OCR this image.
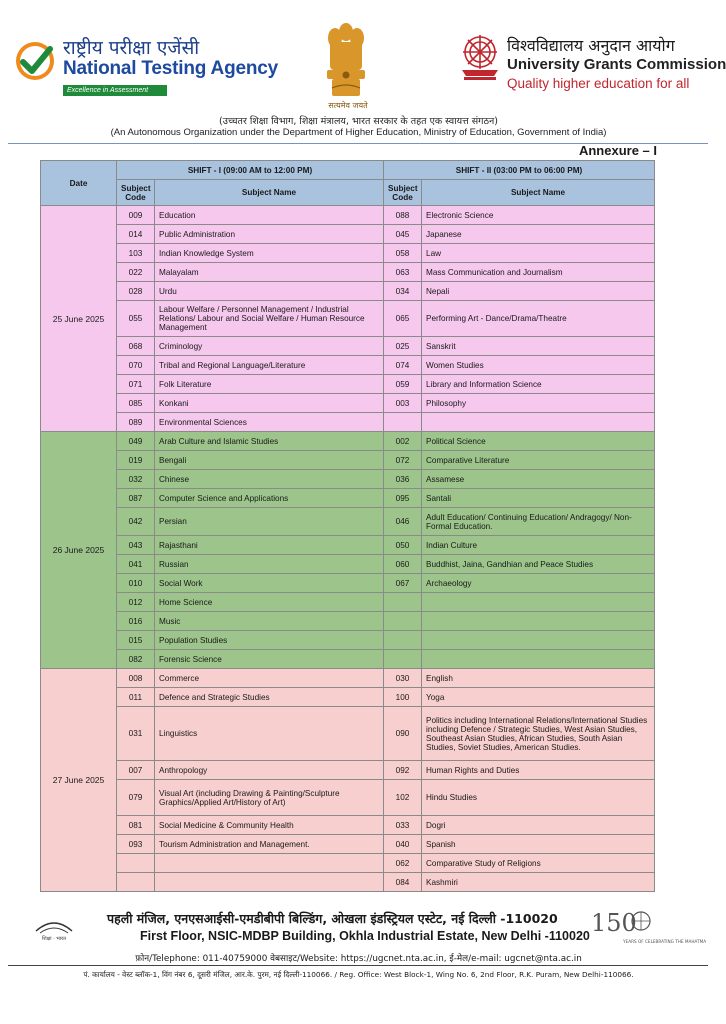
राष्ट्रीय परीक्षा एजेंसी
National Testing Agency
Excellence in Assessment
सत्यमेव जयते
विश्वविद्यालय अनुदान आयोग
University Grants Commission
Quality higher education for all
(उच्चतर शिक्षा विभाग, शिक्षा मंत्रालय, भारत सरकार के तहत एक स्वायत्त संगठन)
(An Autonomous Organization under the Department of Higher Education, Ministry of Education, Government of India)
Annexure – I
Date	SHIFT - I (09:00 AM to 12:00 PM)		SHIFT - II (03:00 PM to 06:00 PM)	
	Subject Code	Subject Name	Subject Code	Subject Name
25 June 2025	009	Education	088	Electronic Science
	014	Public Administration	045	Japanese
	103	Indian Knowledge System	058	Law
	022	Malayalam	063	Mass Communication and Journalism
	028	Urdu	034	Nepali
	055	Labour Welfare / Personnel Management / Industrial Relations/ Labour and Social Welfare / Human Resource Management	065	Performing Art - Dance/Drama/Theatre
	068	Criminology	025	Sanskrit
	070	Tribal and Regional Language/Literature	074	Women Studies
	071	Folk Literature	059	Library and Information Science
	085	Konkani	003	Philosophy
	089	Environmental Sciences		
26 June 2025	049	Arab Culture and Islamic Studies	002	Political Science
	019	Bengali	072	Comparative Literature
	032	Chinese	036	Assamese
	087	Computer Science and Applications	095	Santali
	042	Persian	046	Adult Education/ Continuing Education/ Andragogy/ Non-Formal Education.
	043	Rajasthani	050	Indian Culture
	041	Russian	060	Buddhist, Jaina, Gandhian and Peace Studies
	010	Social Work	067	Archaeology
	012	Home Science		
	016	Music		
	015	Population Studies		
	082	Forensic Science		
27 June 2025	008	Commerce	030	English
	011	Defence and Strategic Studies	100	Yoga
	031	Linguistics	090	Politics including International Relations/International Studies including Defence / Strategic Studies, West Asian Studies, Southeast Asian Studies, African Studies, South Asian Studies, Soviet Studies, American Studies.
	007	Anthropology	092	Human Rights and Duties
	079	Visual Art (including Drawing & Painting/Sculpture Graphics/Applied Art/History of Art)	102	Hindu Studies
	081	Social Medicine & Community Health	033	Dogri
	093	Tourism Administration and Management.	040	Spanish
			062	Comparative Study of Religions
			084	Kashmiri
शिक्षा · भारत
पहली मंजिल, एनएसआईसी-एमडीबीपी बिल्डिंग, ओखला इंडस्ट्रियल एस्टेट, नई दिल्ली -110020
First Floor, NSIC-MDBP Building, Okhla Industrial Estate, New Delhi -110020 150
YEARS OF CELEBRATING THE MAHATMA
फ़ोन/Telephone: 011-40759000 वेबसाइट/Website: https://ugcnet.nta.ac.in, ई-मेल/e-mail: ugcnet@nta.ac.in
पं. कार्यालय - वेस्ट ब्लॉक-1, विंग नंबर 6, दूसरी मंजिल, आर.के. पुरम, नई दिल्ली-110066. / Reg. Office: West Block-1, Wing No. 6, 2nd Floor, R.K. Puram, New Delhi-110066.
